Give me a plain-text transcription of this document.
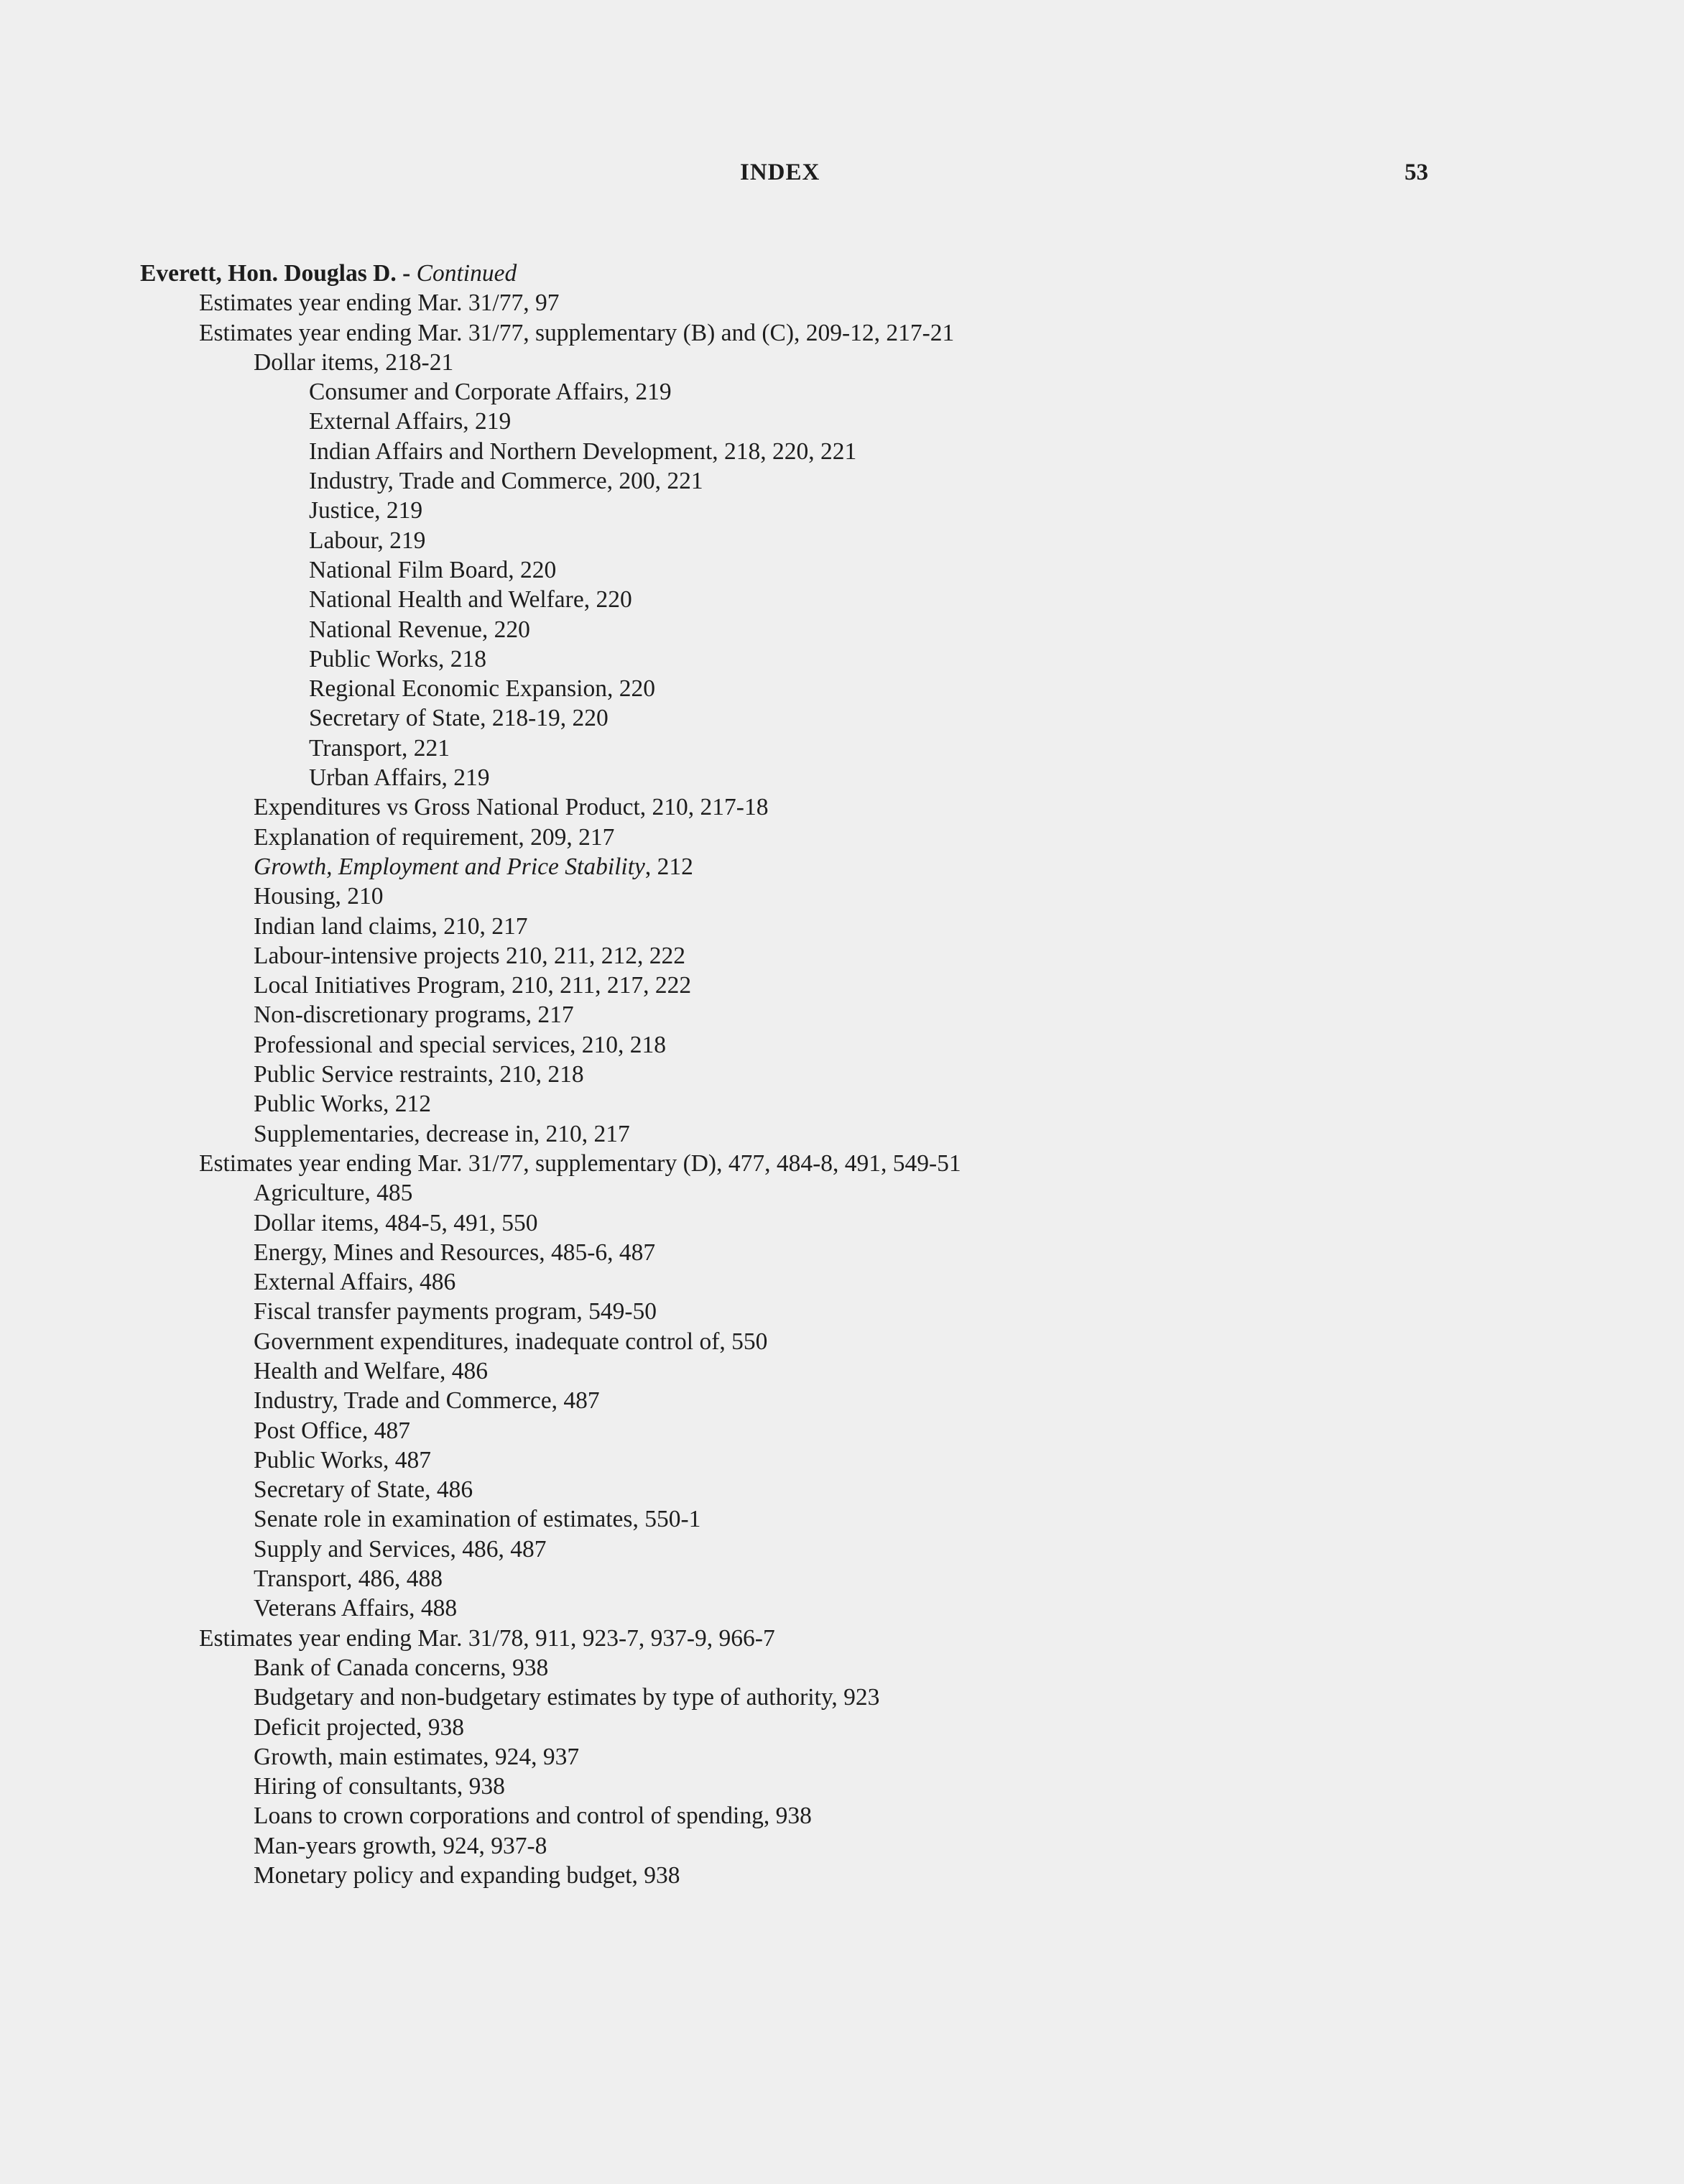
INDEX	53
Everett, Hon. Douglas D. - Continued
Estimates year ending Mar. 31/77, 97
Estimates year ending Mar. 31/77, supplementary (B) and (C), 209-12, 217-21
Dollar items, 218-21
Consumer and Corporate Affairs, 219
External Affairs, 219
Indian Affairs and Northern Development, 218, 220, 221
Industry, Trade and Commerce, 200, 221
Justice, 219
Labour, 219
National Film Board, 220
National Health and Welfare, 220
National Revenue, 220
Public Works, 218
Regional Economic Expansion, 220
Secretary of State, 218-19, 220
Transport, 221
Urban Affairs, 219
Expenditures vs Gross National Product, 210, 217-18
Explanation of requirement, 209, 217
Growth, Employment and Price Stability, 212
Housing, 210
Indian land claims, 210, 217
Labour-intensive projects 210, 211, 212, 222
Local Initiatives Program, 210, 211, 217, 222
Non-discretionary programs, 217
Professional and special services, 210, 218
Public Service restraints, 210, 218
Public Works, 212
Supplementaries, decrease in, 210, 217
Estimates year ending Mar. 31/77, supplementary (D), 477, 484-8, 491, 549-51
Agriculture, 485
Dollar items, 484-5, 491, 550
Energy, Mines and Resources, 485-6, 487
External Affairs, 486
Fiscal transfer payments program, 549-50
Government expenditures, inadequate control of, 550
Health and Welfare, 486
Industry, Trade and Commerce, 487
Post Office, 487
Public Works, 487
Secretary of State, 486
Senate role in examination of estimates, 550-1
Supply and Services, 486, 487
Transport, 486, 488
Veterans Affairs, 488
Estimates year ending Mar. 31/78, 911, 923-7, 937-9, 966-7
Bank of Canada concerns, 938
Budgetary and non-budgetary estimates by type of authority, 923
Deficit projected, 938
Growth, main estimates, 924, 937
Hiring of consultants, 938
Loans to crown corporations and control of spending, 938
Man-years growth, 924, 937-8
Monetary policy and expanding budget, 938
